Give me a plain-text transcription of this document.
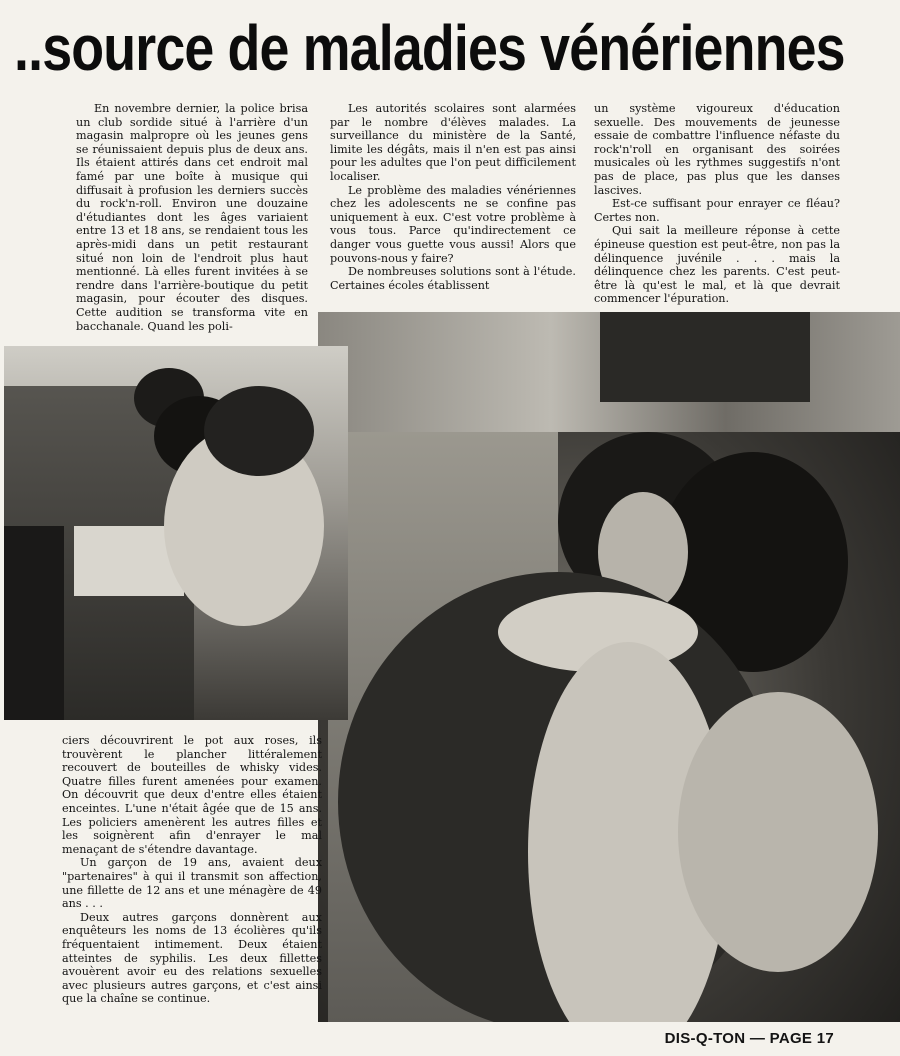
..source de maladies vénériennes

En novembre dernier, la police brisa un club sordide situé à l'arrière d'un magasin malpropre où les jeunes gens se réunissaient depuis plus de deux ans. Ils étaient attirés dans cet endroit mal famé par une boîte à musique qui diffusait à profusion les derniers succès du rock'n-roll. Environ une douzaine d'étudiantes dont les âges variaient entre 13 et 18 ans, se rendaient tous les après-midi dans un petit restaurant situé non loin de l'endroit plus haut mentionné. Là elles furent invitées à se rendre dans l'arrière-boutique du petit magasin, pour écouter des disques. Cette audition se transforma vite en bacchanale. Quand les poli-

Les autorités scolaires sont alarmées par le nombre d'élèves malades. La surveillance du ministère de la Santé, limite les dégâts, mais il n'en est pas ainsi pour les adultes que l'on peut difficilement localiser.

Le problème des maladies vénériennes chez les adolescents ne se confine pas uniquement à eux. C'est votre problème à vous tous. Parce qu'indirectement ce danger vous guette vous aussi! Alors que pouvons-nous y faire?

De nombreuses solutions sont à l'étude. Certaines écoles établissent

un système vigoureux d'éducation sexuelle. Des mouvements de jeunesse essaie de combattre l'influence néfaste du rock'n'roll en organisant des soirées musicales où les rythmes suggestifs n'ont pas de place, pas plus que les danses lascives.

Est-ce suffisant pour enrayer ce fléau? Certes non.

Qui sait la meilleure réponse à cette épineuse question est peut-être, non pas la délinquence juvénile . . . mais la délinquence chez les parents. C'est peut-être là qu'est le mal, et là que devrait commencer l'épuration.

ciers découvrirent le pot aux roses, ils trouvèrent le plancher littéralement recouvert de bouteilles de whisky vides. Quatre filles furent amenées pour examen. On découvrit que deux d'entre elles étaient enceintes. L'une n'était âgée que de 15 ans. Les policiers amenèrent les autres filles et les soignèrent afin d'enrayer le mal menaçant de s'étendre davantage.

Un garçon de 19 ans, avaient deux "partenaires" à qui il transmit son affection, une fillette de 12 ans et une ménagère de 49 ans . . .

Deux autres garçons donnèrent aux enquêteurs les noms de 13 écolières qu'ils fréquentaient intimement. Deux étaient atteintes de syphilis. Les deux fillettes avouèrent avoir eu des relations sexuelles avec plusieurs autres garçons, et c'est ainsi que la chaîne se continue.

DIS-Q-TON — PAGE 17
